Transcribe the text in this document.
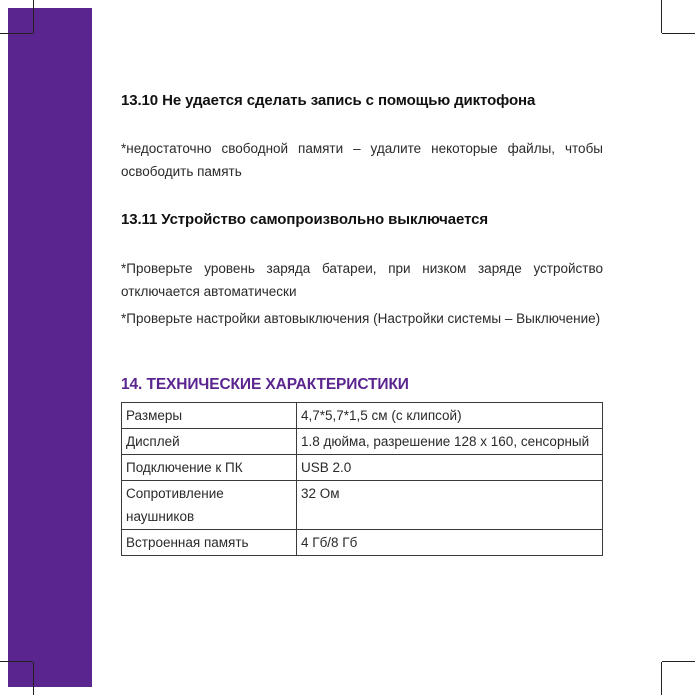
13.10 Не удается сделать запись с помощью диктофона

*недостаточно свободной памяти – удалите некоторые файлы, чтобы освободить память

13.11 Устройство самопроизвольно выключается

*Проверьте уровень заряда батареи, при низком заряде устройство отключается автоматически

*Проверьте настройки автовыключения (Настройки системы – Выключение)

14. ТЕХНИЧЕСКИЕ ХАРАКТЕРИСТИКИ
Размеры	4,7*5,7*1,5 см (с клипсой)
Дисплей	1.8 дюйма, разрешение 128 x 160, сенсорный
Подключение к ПК	USB 2.0
Сопротивление наушников	32 Ом
Встроенная память	4 Гб/8 Гб
